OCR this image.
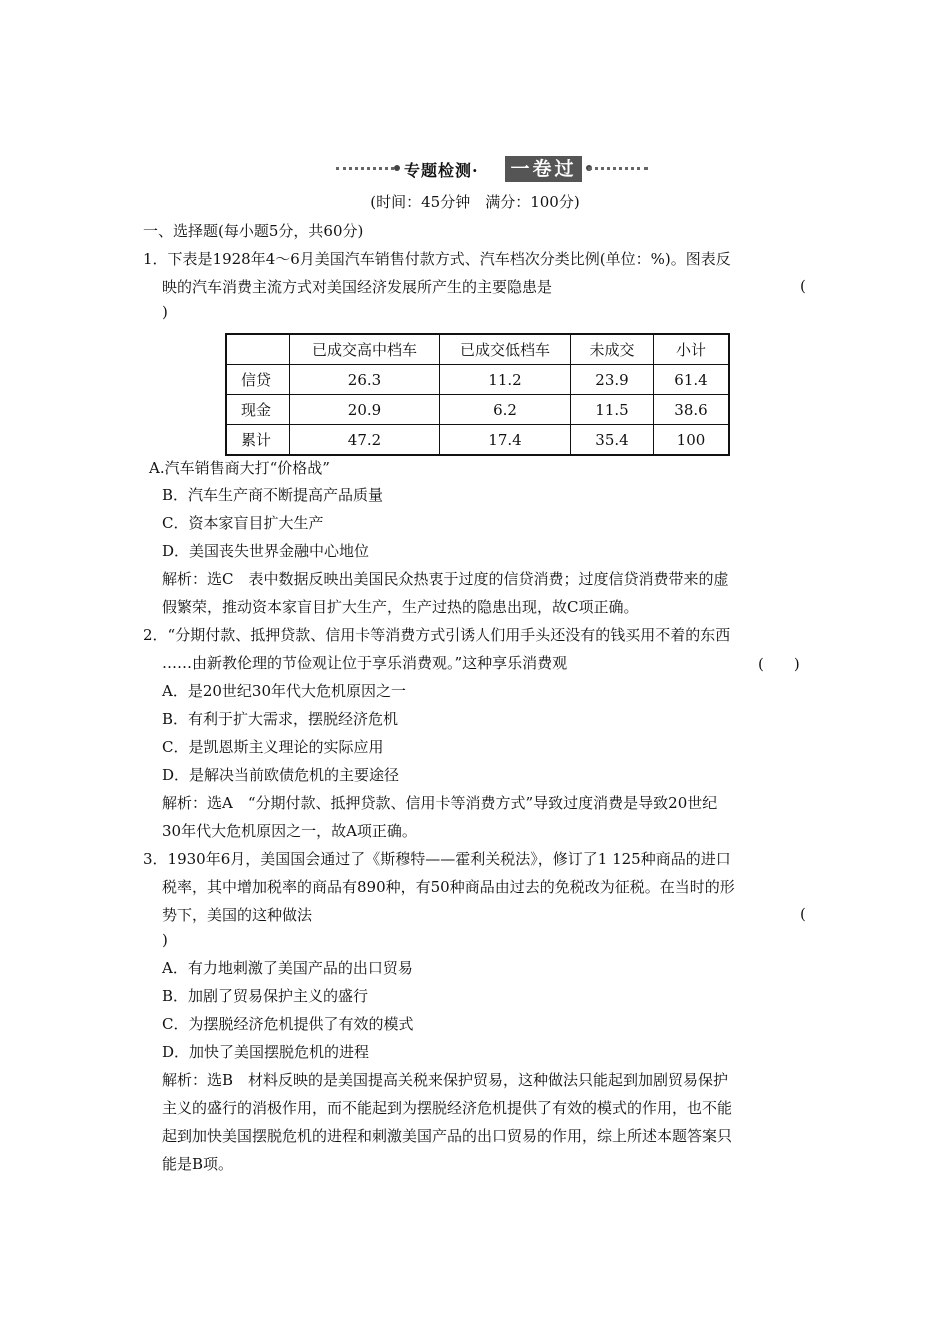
专题检测· 一卷过
(时间：45分钟　满分：100分)
一、选择题(每小题5分，共60分)
1．下表是1928年4～6月美国汽车销售付款方式、汽车档次分类比例(单位：%)。图表反
映的汽车消费主流方式对美国经济发展所产生的主要隐患是	(
)
	已成交高中档车	已成交低档车	未成交	小计
信贷	26.3	11.2	23.9	61.4
现金	20.9	6.2	11.5	38.6
累计	47.2	17.4	35.4	100
A.汽车销售商大打“价格战”
B．汽车生产商不断提高产品质量
C．资本家盲目扩大生产
D．美国丧失世界金融中心地位
解析：选C　表中数据反映出美国民众热衷于过度的信贷消费；过度信贷消费带来的虚
假繁荣，推动资本家盲目扩大生产，生产过热的隐患出现，故C项正确。
2．“分期付款、抵押贷款、信用卡等消费方式引诱人们用手头还没有的钱买用不着的东西
……由新教伦理的节俭观让位于享乐消费观。”这种享乐消费观	(　　)
A．是20世纪30年代大危机原因之一
B．有利于扩大需求，摆脱经济危机
C．是凯恩斯主义理论的实际应用
D．是解决当前欧债危机的主要途径
解析：选A　“分期付款、抵押贷款、信用卡等消费方式”导致过度消费是导致20世纪
30年代大危机原因之一，故A项正确。
3．1930年6月，美国国会通过了《斯穆特——霍利关税法》，修订了1 125种商品的进口
税率，其中增加税率的商品有890种，有50种商品由过去的免税改为征税。在当时的形
势下，美国的这种做法	(
)
A．有力地刺激了美国产品的出口贸易
B．加剧了贸易保护主义的盛行
C．为摆脱经济危机提供了有效的模式
D．加快了美国摆脱危机的进程
解析：选B　材料反映的是美国提高关税来保护贸易，这种做法只能起到加剧贸易保护
主义的盛行的消极作用，而不能起到为摆脱经济危机提供了有效的模式的作用，也不能
起到加快美国摆脱危机的进程和刺激美国产品的出口贸易的作用，综上所述本题答案只
能是B项。
